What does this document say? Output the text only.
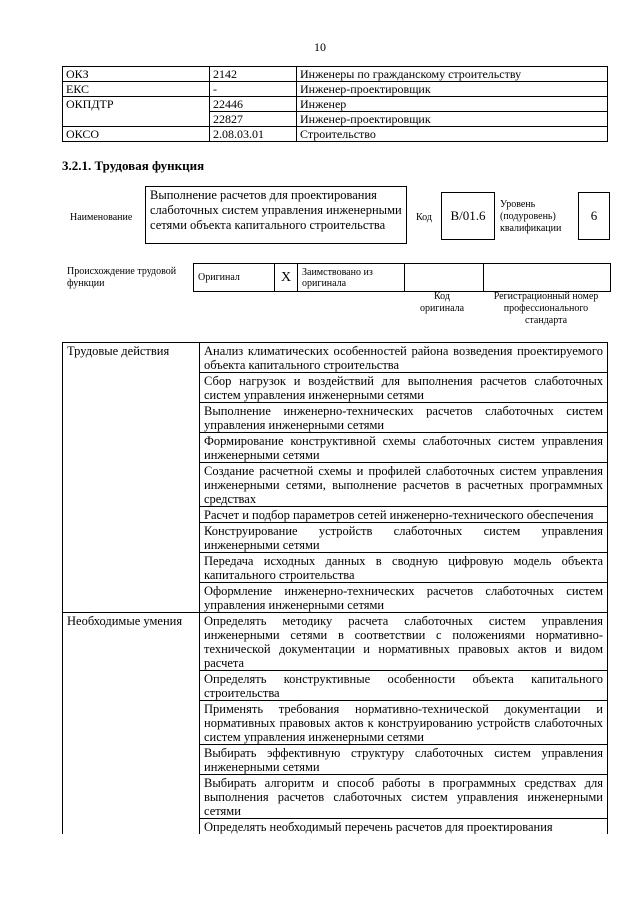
10
ОКЗ	2142	Инженеры по гражданскому строительству
ЕКС	-	Инженер-проектировщик
ОКПДТР	22446	Инженер
	22827	Инженер-проектировщик
ОКСО	2.08.03.01	Строительство
3.2.1. Трудовая функция
Наименование
Выполнение расчетов для проектирования слаботочных систем управления инженерными сетями объекта капитального строительства
Код	В/01.6
Уровень (подуровень) квалификации
6
Происхождение трудовой функции
Оригинал	X	Заимствовано из оригинала		
Код оригинала
Регистрационный номер профессионального стандарта
Трудовые действия	Анализ климатических особенностей района возведения проектируемого объекта капитального строительства
	Сбор нагрузок и воздействий для выполнения расчетов слаботочных систем управления инженерными сетями
	Выполнение инженерно-технических расчетов слаботочных систем управления инженерными сетями
	Формирование конструктивной схемы слаботочных систем управления инженерными сетями
	Создание расчетной схемы и профилей слаботочных систем управления инженерными сетями, выполнение расчетов в расчетных программных средствах
	Расчет и подбор параметров сетей инженерно-технического обеспечения
	Конструирование устройств слаботочных систем управления инженерными сетями
	Передача исходных данных в сводную цифровую модель объекта капитального строительства
	Оформление инженерно-технических расчетов слаботочных систем управления инженерными сетями
Необходимые умения	Определять методику расчета слаботочных систем управления инженерными сетями в соответствии с положениями нормативно-технической документации и нормативных правовых актов и видом расчета
	Определять конструктивные особенности объекта капитального строительства
	Применять требования нормативно-технической документации и нормативных правовых актов к конструированию устройств слаботочных систем управления инженерными сетями
	Выбирать эффективную структуру слаботочных систем управления инженерными сетями
	Выбирать алгоритм и способ работы в программных средствах для выполнения расчетов слаботочных систем управления инженерными сетями
	Определять необходимый перечень расчетов для проектирования
